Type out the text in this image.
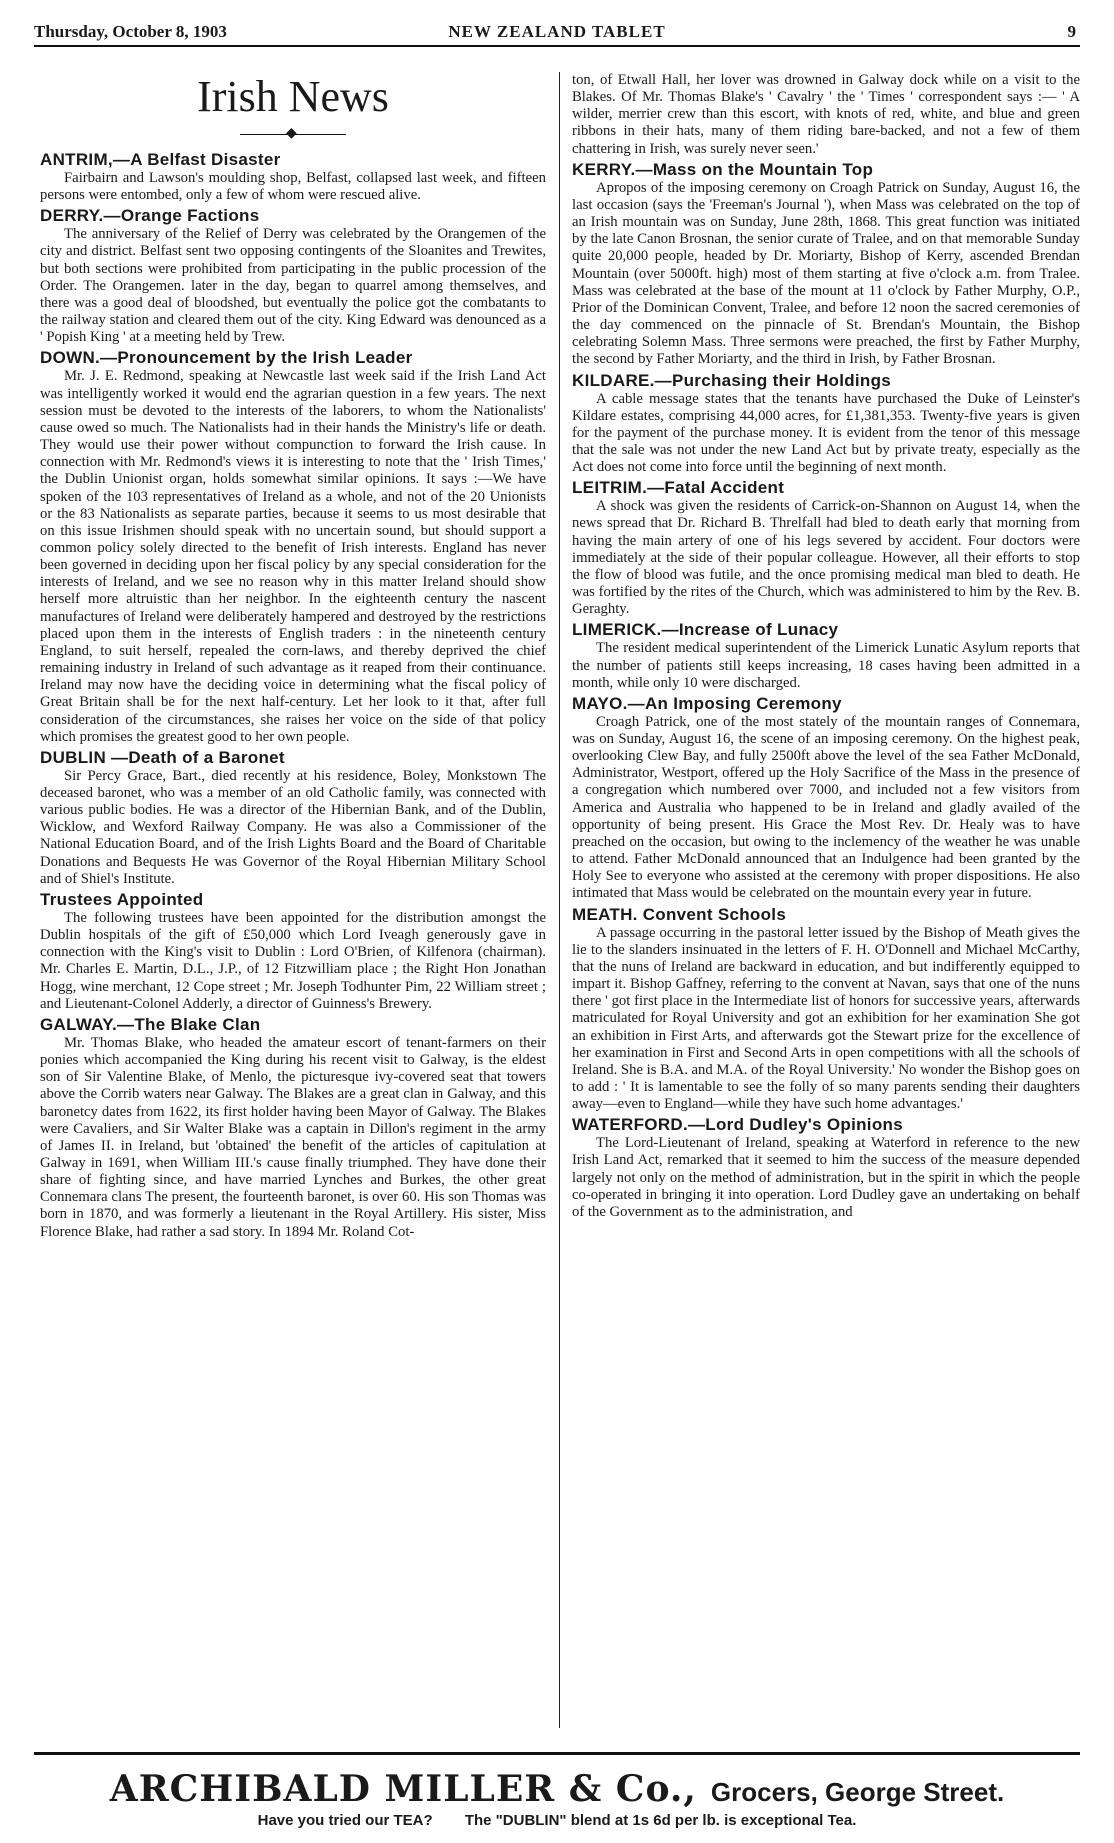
Thursday, October 8, 1903	NEW ZEALAND TABLET	9
Irish News
◆
ANTRIM,—A Belfast Disaster

Fairbairn and Lawson's moulding shop, Belfast, collapsed last week, and fifteen persons were entombed, only a few of whom were rescued alive.

DERRY.—Orange Factions

The anniversary of the Relief of Derry was celebrated by the Orangemen of the city and district. Belfast sent two opposing contingents of the Sloanites and Trewites, but both sections were prohibited from participating in the public procession of the Order. The Orangemen. later in the day, began to quarrel among themselves, and there was a good deal of bloodshed, but eventually the police got the combatants to the railway station and cleared them out of the city. King Edward was denounced as a ' Popish King ' at a meeting held by Trew.

DOWN.—Pronouncement by the Irish Leader

Mr. J. E. Redmond, speaking at Newcastle last week said if the Irish Land Act was intelligently worked it would end the agrarian question in a few years. The next session must be devoted to the interests of the laborers, to whom the Nationalists' cause owed so much. The Nationalists had in their hands the Ministry's life or death. They would use their power without compunction to forward the Irish cause. In connection with Mr. Redmond's views it is interesting to note that the ' Irish Times,' the Dublin Unionist organ, holds somewhat similar opinions. It says :—We have spoken of the 103 representatives of Ireland as a whole, and not of the 20 Unionists or the 83 Nationalists as separate parties, because it seems to us most desirable that on this issue Irishmen should speak with no uncertain sound, but should support a common policy solely directed to the benefit of Irish interests. England has never been governed in deciding upon her fiscal policy by any special consideration for the interests of Ireland, and we see no reason why in this matter Ireland should show herself more altruistic than her neighbor. In the eighteenth century the nascent manufactures of Ireland were deliberately hampered and destroyed by the restrictions placed upon them in the interests of English traders : in the nineteenth century England, to suit herself, repealed the corn-laws, and thereby deprived the chief remaining industry in Ireland of such advantage as it reaped from their continuance. Ireland may now have the deciding voice in determining what the fiscal policy of Great Britain shall be for the next half-century. Let her look to it that, after full consideration of the circumstances, she raises her voice on the side of that policy which promises the greatest good to her own people.

DUBLIN —Death of a Baronet

Sir Percy Grace, Bart., died recently at his residence, Boley, Monkstown The deceased baronet, who was a member of an old Catholic family, was connected with various public bodies. He was a director of the Hibernian Bank, and of the Dublin, Wicklow, and Wexford Railway Company. He was also a Commissioner of the National Education Board, and of the Irish Lights Board and the Board of Charitable Donations and Bequests He was Governor of the Royal Hibernian Military School and of Shiel's Institute.

Trustees Appointed

The following trustees have been appointed for the distribution amongst the Dublin hospitals of the gift of £50,000 which Lord Iveagh generously gave in connection with the King's visit to Dublin : Lord O'Brien, of Kilfenora (chairman). Mr. Charles E. Martin, D.L., J.P., of 12 Fitzwilliam place ; the Right Hon Jonathan Hogg, wine merchant, 12 Cope street ; Mr. Joseph Todhunter Pim, 22 William street ; and Lieutenant-Colonel Adderly, a director of Guinness's Brewery.

GALWAY.—The Blake Clan

Mr. Thomas Blake, who headed the amateur escort of tenant-farmers on their ponies which accompanied the King during his recent visit to Galway, is the eldest son of Sir Valentine Blake, of Menlo, the picturesque ivy-covered seat that towers above the Corrib waters near Galway. The Blakes are a great clan in Galway, and this baronetcy dates from 1622, its first holder having been Mayor of Galway. The Blakes were Cavaliers, and Sir Walter Blake was a captain in Dillon's regiment in the army of James II. in Ireland, but 'obtained' the benefit of the articles of capitulation at Galway in 1691, when William III.'s cause finally triumphed. They have done their share of fighting since, and have married Lynches and Burkes, the other great Connemara clans The present, the fourteenth baronet, is over 60. His son Thomas was born in 1870, and was formerly a lieutenant in the Royal Artillery. His sister, Miss Florence Blake, had rather a sad story. In 1894 Mr. Roland Cot-

ton, of Etwall Hall, her lover was drowned in Galway dock while on a visit to the Blakes. Of Mr. Thomas Blake's ' Cavalry ' the ' Times ' correspondent says :— ' A wilder, merrier crew than this escort, with knots of red, white, and blue and green ribbons in their hats, many of them riding bare-backed, and not a few of them chattering in Irish, was surely never seen.'

KERRY.—Mass on the Mountain Top

Apropos of the imposing ceremony on Croagh Patrick on Sunday, August 16, the last occasion (says the 'Freeman's Journal '), when Mass was celebrated on the top of an Irish mountain was on Sunday, June 28th, 1868. This great function was initiated by the late Canon Brosnan, the senior curate of Tralee, and on that memorable Sunday quite 20,000 people, headed by Dr. Moriarty, Bishop of Kerry, ascended Brendan Mountain (over 5000ft. high) most of them starting at five o'clock a.m. from Tralee. Mass was celebrated at the base of the mount at 11 o'clock by Father Murphy, O.P., Prior of the Dominican Convent, Tralee, and before 12 noon the sacred ceremonies of the day commenced on the pinnacle of St. Brendan's Mountain, the Bishop celebrating Solemn Mass. Three sermons were preached, the first by Father Murphy, the second by Father Moriarty, and the third in Irish, by Father Brosnan.

KILDARE.—Purchasing their Holdings

A cable message states that the tenants have purchased the Duke of Leinster's Kildare estates, comprising 44,000 acres, for £1,381,353. Twenty-five years is given for the payment of the purchase money. It is evident from the tenor of this message that the sale was not under the new Land Act but by private treaty, especially as the Act does not come into force until the beginning of next month.

LEITRIM.—Fatal Accident

A shock was given the residents of Carrick-on-Shannon on August 14, when the news spread that Dr. Richard B. Threlfall had bled to death early that morning from having the main artery of one of his legs severed by accident. Four doctors were immediately at the side of their popular colleague. However, all their efforts to stop the flow of blood was futile, and the once promising medical man bled to death. He was fortified by the rites of the Church, which was administered to him by the Rev. B. Geraghty.

LIMERICK.—Increase of Lunacy

The resident medical superintendent of the Limerick Lunatic Asylum reports that the number of patients still keeps increasing, 18 cases having been admitted in a month, while only 10 were discharged.

MAYO.—An Imposing Ceremony

Croagh Patrick, one of the most stately of the mountain ranges of Connemara, was on Sunday, August 16, the scene of an imposing ceremony. On the highest peak, overlooking Clew Bay, and fully 2500ft above the level of the sea Father McDonald, Administrator, Westport, offered up the Holy Sacrifice of the Mass in the presence of a congregation which numbered over 7000, and included not a few visitors from America and Australia who happened to be in Ireland and gladly availed of the opportunity of being present. His Grace the Most Rev. Dr. Healy was to have preached on the occasion, but owing to the inclemency of the weather he was unable to attend. Father McDonald announced that an Indulgence had been granted by the Holy See to everyone who assisted at the ceremony with proper dispositions. He also intimated that Mass would be celebrated on the mountain every year in future.

MEATH. Convent Schools

A passage occurring in the pastoral letter issued by the Bishop of Meath gives the lie to the slanders insinuated in the letters of F. H. O'Donnell and Michael McCarthy, that the nuns of Ireland are backward in education, and but indifferently equipped to impart it. Bishop Gaffney, referring to the convent at Navan, says that one of the nuns there ' got first place in the Intermediate list of honors for successive years, afterwards matriculated for Royal University and got an exhibition for her examination She got an exhibition in First Arts, and afterwards got the Stewart prize for the excellence of her examination in First and Second Arts in open competitions with all the schools of Ireland. She is B.A. and M.A. of the Royal University.' No wonder the Bishop goes on to add : ' It is lamentable to see the folly of so many parents sending their daughters away—even to England—while they have such home advantages.'

WATERFORD.—Lord Dudley's Opinions

The Lord-Lieutenant of Ireland, speaking at Waterford in reference to the new Irish Land Act, remarked that it seemed to him the success of the measure depended largely not only on the method of administration, but in the spirit in which the people co-operated in bringing it into operation. Lord Dudley gave an undertaking on behalf of the Government as to the administration, and

ARCHIBALD MILLER & Co., Grocers, George Street.
Have you tried our TEA? The "DUBLIN" blend at 1s 6d per lb. is exceptional Tea.
